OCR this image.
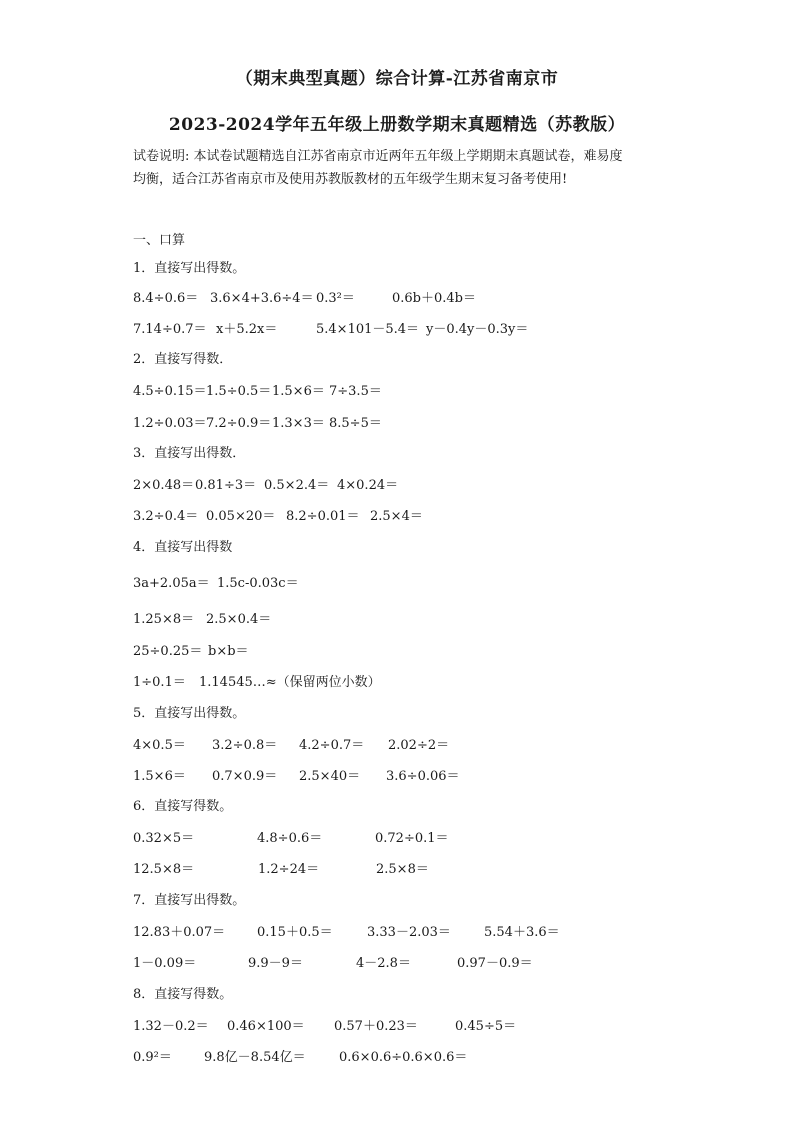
（期末典型真题）综合计算-江苏省南京市
2023-2024学年五年级上册数学期末真题精选（苏教版）
试卷说明: 本试卷试题精选自江苏省南京市近两年五年级上学期期末真题试卷，难易度
均衡，适合江苏省南京市及使用苏教版教材的五年级学生期末复习备考使用!
一、口算
1．直接写出得数。
8.4÷0.6＝ 3.6×4+3.6÷4＝ 0.3²＝	0.6b＋0.4b＝
7.14÷0.7＝ x＋5.2x＝	5.4×101－5.4＝ y－0.4y－0.3y＝
2．直接写得数．
4.5÷0.15＝ 1.5÷0.5＝ 1.5×6＝ 7÷3.5＝
1.2÷0.03＝ 7.2÷0.9＝ 1.3×3＝ 8.5÷5＝
3．直接写出得数．
2×0.48＝ 0.81÷3＝ 0.5×2.4＝ 4×0.24＝
3.2÷0.4＝ 0.05×20＝ 8.2÷0.01＝ 2.5×4＝
4．直接写出得数
3a+2.05a＝ 1.5c-0.03c＝
1.25×8＝ 2.5×0.4＝
25÷0.25＝ b×b＝
1÷0.1＝ 1.14545…≈（保留两位小数）
5．直接写出得数。
4×0.5＝ 3.2÷0.8＝ 4.2÷0.7＝ 2.02÷2＝
1.5×6＝ 0.7×0.9＝ 2.5×40＝ 3.6÷0.06＝
6．直接写得数。
0.32×5＝	4.8÷0.6＝	0.72÷0.1＝
12.5×8＝	1.2÷24＝	2.5×8＝
7．直接写出得数。
12.83＋0.07＝ 0.15＋0.5＝	3.33－2.03＝	5.54＋3.6＝
1－0.09＝	9.9－9＝	4－2.8＝	0.97－0.9＝
8．直接写得数。
1.32－0.2＝ 0.46×100＝ 0.57＋0.23＝	0.45÷5＝
0.9²＝ 9.8亿－8.54亿＝	0.6×0.6÷0.6×0.6＝
